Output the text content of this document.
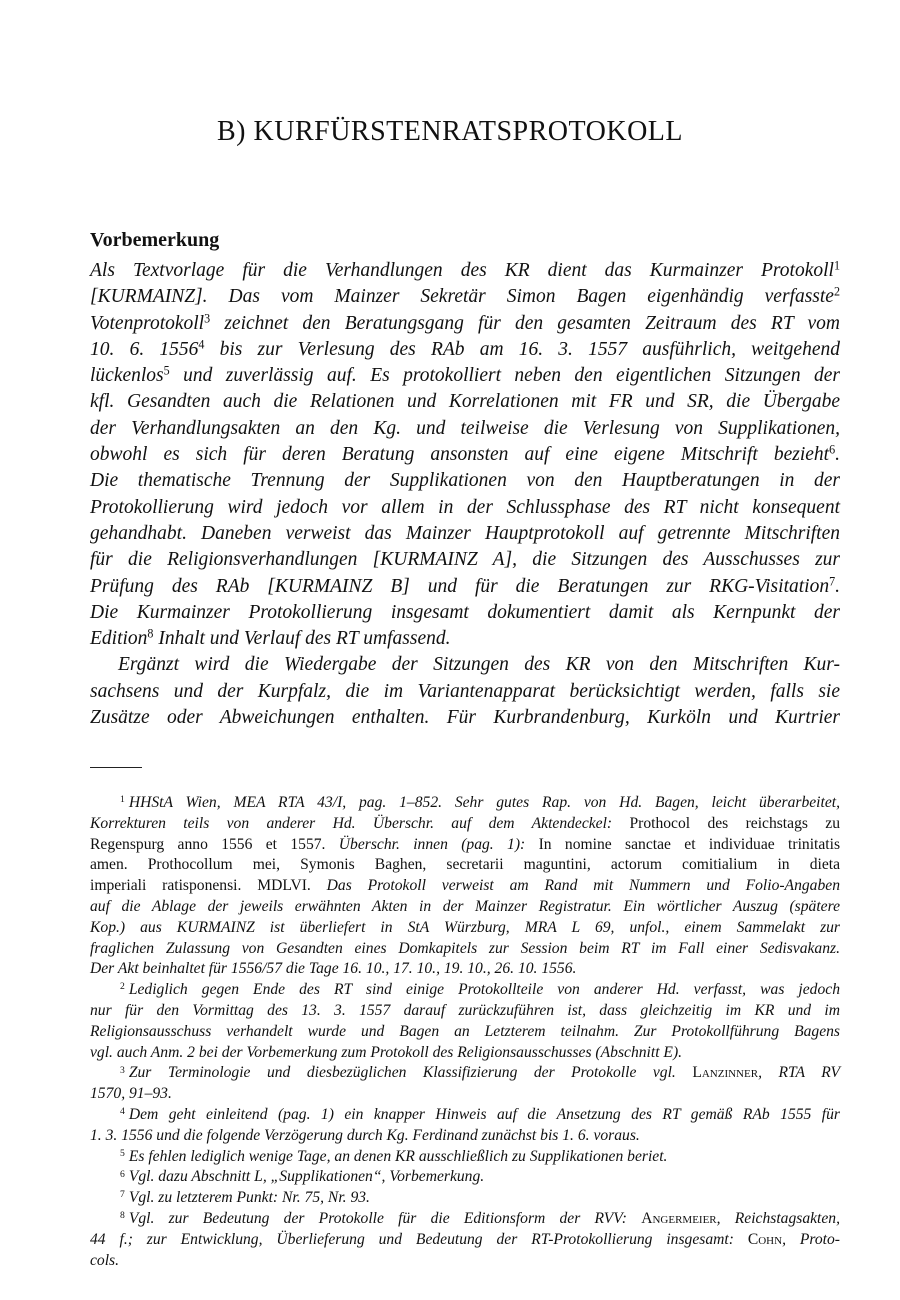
B) KURFÜRSTENRATSPROTOKOLL
Vorbemerkung
Als Textvorlage für die Verhandlungen des KR dient das Kurmainzer Protokoll$^1$
[KURMAINZ]. Das vom Mainzer Sekretär Simon Bagen eigenhändig verfasste$^2$
Votenprotokoll$^3$ zeichnet den Beratungsgang für den gesamten Zeitraum des RT vom
10. 6. 1556$^4$ bis zur Verlesung des RAb am 16. 3. 1557 ausführlich, weitgehend
lückenlos$^5$ und zuverlässig auf. Es protokolliert neben den eigentlichen Sitzungen der
kfl. Gesandten auch die Relationen und Korrelationen mit FR und SR, die Übergabe
der Verhandlungsakten an den Kg. und teilweise die Verlesung von Supplikationen,
obwohl es sich für deren Beratung ansonsten auf eine eigene Mitschrift bezieht$^6$.
Die thematische Trennung der Supplikationen von den Hauptberatungen in der
Protokollierung wird jedoch vor allem in der Schlussphase des RT nicht konsequent
gehandhabt. Daneben verweist das Mainzer Hauptprotokoll auf getrennte Mitschriften
für die Religionsverhandlungen [KURMAINZ A], die Sitzungen des Ausschusses zur
Prüfung des RAb [KURMAINZ B] und für die Beratungen zur RKG-Visitation$^7$.
Die Kurmainzer Protokollierung insgesamt dokumentiert damit als Kernpunkt der
Edition$^8$ Inhalt und Verlauf des RT umfassend.
Ergänzt wird die Wiedergabe der Sitzungen des KR von den Mitschriften Kur-
sachsens und der Kurpfalz, die im Variantenapparat berücksichtigt werden, falls sie
Zusätze oder Abweichungen enthalten. Für Kurbrandenburg, Kurköln und Kurtrier
$^1$ HHStA Wien, MEA RTA 43/I, pag. 1–852. Sehr gutes Rap. von Hd. Bagen, leicht überarbeitet,
Korrekturen teils von anderer Hd. Überschr. auf dem Aktendeckel: Prothocol des reichstags zu
Regenspurg anno 1556 et 1557. Überschr. innen (pag. 1): In nomine sanctae et individuae trinitatis
amen. Prothocollum mei, Symonis Baghen, secretarii maguntini, actorum comitialium in dieta
imperiali ratisponensi. MDLVI. Das Protokoll verweist am Rand mit Nummern und Folio-Angaben
auf die Ablage der jeweils erwähnten Akten in der Mainzer Registratur. Ein wörtlicher Auszug (spätere
Kop.) aus KURMAINZ ist überliefert in StA Würzburg, MRA L 69, unfol., einem Sammelakt zur
fraglichen Zulassung von Gesandten eines Domkapitels zur Session beim RT im Fall einer Sedisvakanz.
Der Akt beinhaltet für 1556/57 die Tage 16. 10., 17. 10., 19. 10., 26. 10. 1556.
$^2$ Lediglich gegen Ende des RT sind einige Protokollteile von anderer Hd. verfasst, was jedoch
nur für den Vormittag des 13. 3. 1557 darauf zurückzuführen ist, dass gleichzeitig im KR und im
Religionsausschuss verhandelt wurde und Bagen an Letzterem teilnahm. Zur Protokollführung Bagens
vgl. auch Anm. 2 bei der Vorbemerkung zum Protokoll des Religionsausschusses (Abschnitt E).
$^3$ Zur Terminologie und diesbezüglichen Klassifizierung der Protokolle vgl. Lanzinner, RTA RV
1570, 91–93.
$^4$ Dem geht einleitend (pag. 1) ein knapper Hinweis auf die Ansetzung des RT gemäß RAb 1555 für
1. 3. 1556 und die folgende Verzögerung durch Kg. Ferdinand zunächst bis 1. 6. voraus.
$^5$ Es fehlen lediglich wenige Tage, an denen KR ausschließlich zu Supplikationen beriet.
$^6$ Vgl. dazu Abschnitt L, „Supplikationen“, Vorbemerkung.
$^7$ Vgl. zu letzterem Punkt: Nr. 75, Nr. 93.
$^8$ Vgl. zur Bedeutung der Protokolle für die Editionsform der RVV: Angermeier, Reichstagsakten,
44 f.; zur Entwicklung, Überlieferung und Bedeutung der RT-Protokollierung insgesamt: Cohn, Proto-
cols.
